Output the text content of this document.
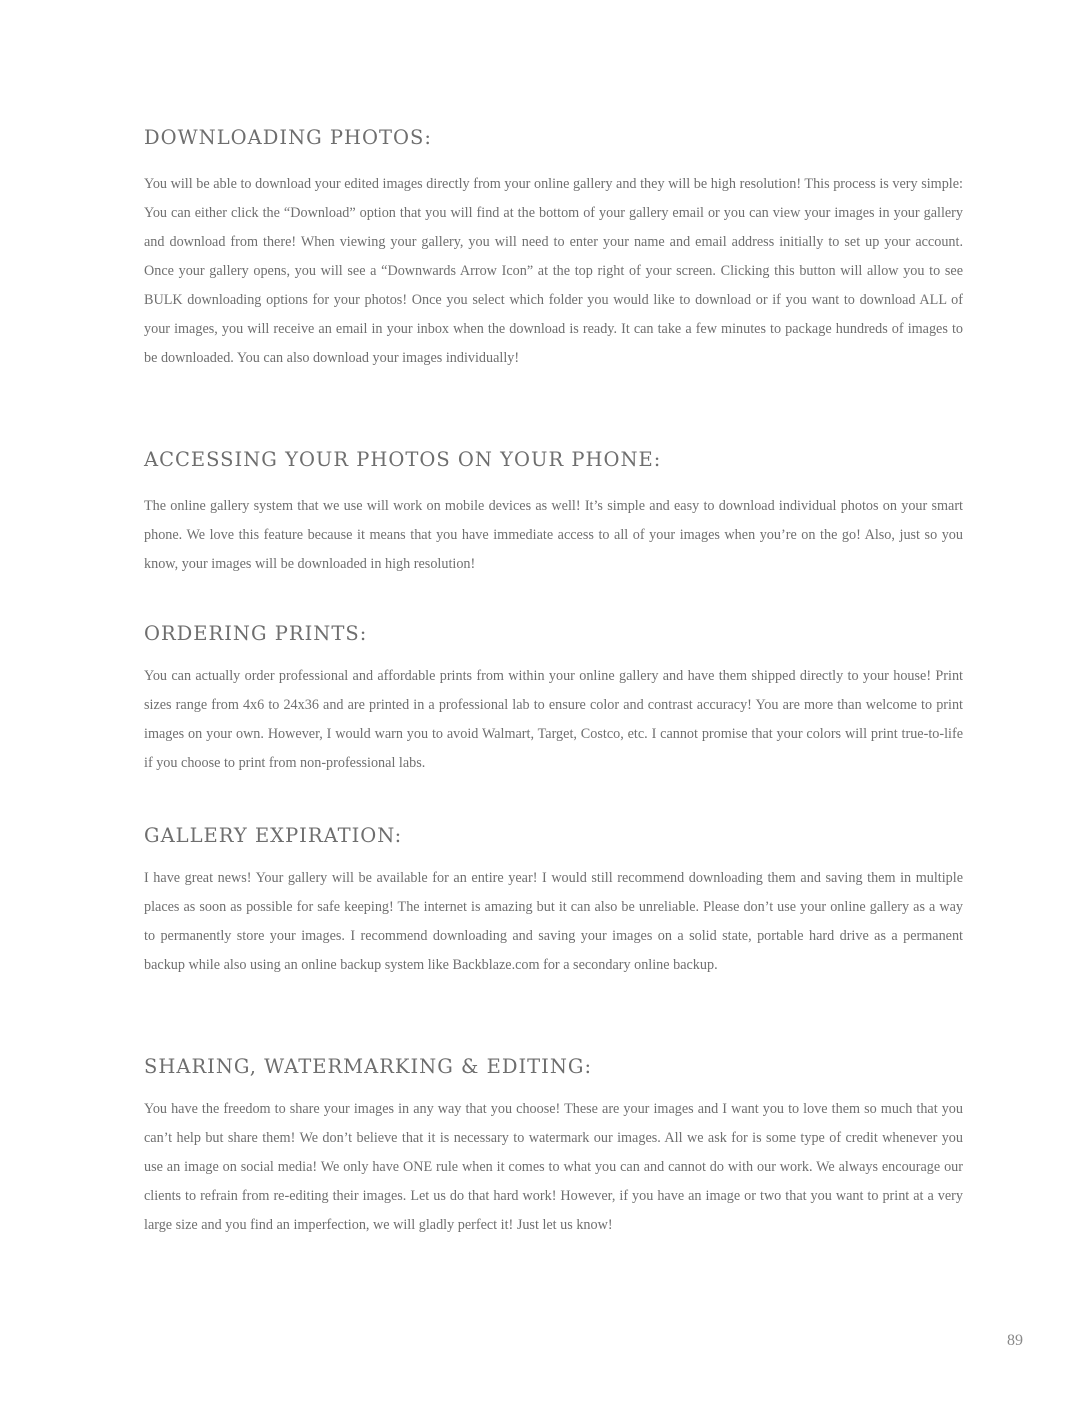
DOWNLOADING PHOTOS:

You will be able to download your edited images directly from your online gallery and they will be high resolution! This process is very simple: You can either click the “Download” option that you will find at the bottom of your gallery email or you can view your images in your gallery and download from there! When viewing your gallery, you will need to enter your name and email address initially to set up your account. Once your gallery opens, you will see a “Downwards Arrow Icon” at the top right of your screen. Clicking this button will allow you to see BULK downloading options for your photos! Once you select which folder you would like to download or if you want to download ALL of your images, you will receive an email in your inbox when the download is ready. It can take a few minutes to package hundreds of images to be downloaded. You can also download your images individually!

ACCESSING YOUR PHOTOS ON YOUR PHONE:

The online gallery system that we use will work on mobile devices as well! It’s simple and easy to download individual photos on your smart phone. We love this feature because it means that you have immediate access to all of your images when you’re on the go! Also, just so you know, your images will be downloaded in high resolution!

ORDERING PRINTS:

You can actually order professional and affordable prints from within your online gallery and have them shipped directly to your house! Print sizes range from 4x6 to 24x36 and are printed in a professional lab to ensure color and contrast accuracy! You are more than welcome to print images on your own. However, I would warn you to avoid Walmart, Target, Costco, etc. I cannot promise that your colors will print true-to-life if you choose to print from non-professional labs.

GALLERY EXPIRATION:

I have great news! Your gallery will be available for an entire year! I would still recommend downloading them and saving them in multiple places as soon as possible for safe keeping! The internet is amazing but it can also be unreliable. Please don’t use your online gallery as a way to permanently store your images. I recommend downloading and saving your images on a solid state, portable hard drive as a permanent backup while also using an online backup system like Backblaze.com for a secondary online backup.

SHARING, WATERMARKING & EDITING:

You have the freedom to share your images in any way that you choose! These are your images and I want you to love them so much that you can’t help but share them! We don’t believe that it is necessary to watermark our images. All we ask for is some type of credit whenever you use an image on social media! We only have ONE rule when it comes to what you can and cannot do with our work. We always encourage our clients to refrain from re-editing their images. Let us do that hard work! However, if you have an image or two that you want to print at a very large size and you find an imperfection, we will gladly perfect it! Just let us know!

89
